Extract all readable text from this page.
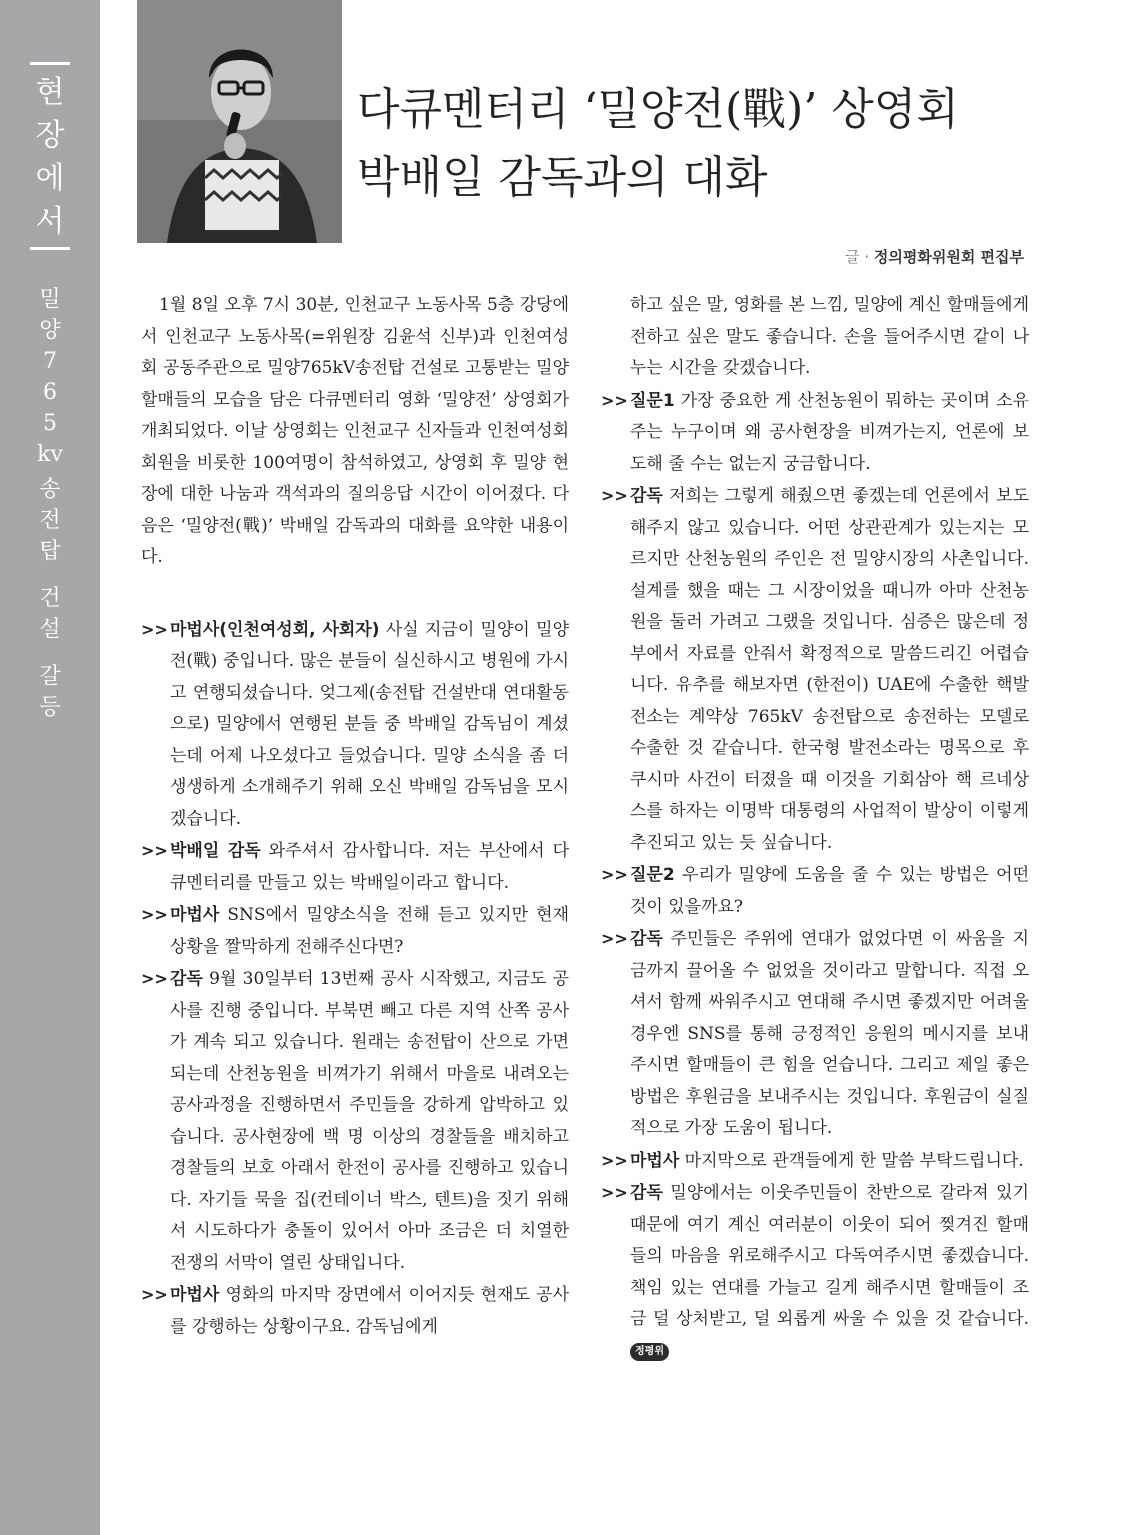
현
장
에
서
밀
양
7
6
5
kv
송
전
탑
건
설
갈
등
다큐멘터리 ‘밀양전(戰)’ 상영회
박배일 감독과의 대화
글 · 정의평화위원회 편집부

1월 8일 오후 7시 30분, 인천교구 노동사목 5층 강당에서 인천교구 노동사목(=위원장 김윤석 신부)과 인천여성회 공동주관으로 밀양765kV송전탑 건설로 고통받는 밀양 할매들의 모습을 담은 다큐멘터리 영화 ‘밀양전’ 상영회가 개최되었다. 이날 상영회는 인천교구 신자들과 인천여성회 회원을 비롯한 100여명이 참석하였고, 상영회 후 밀양 현장에 대한 나눔과 객석과의 질의응답 시간이 이어졌다. 다음은 ‘밀양전(戰)’ 박배일 감독과의 대화를 요약한 내용이다.

>> 마법사(인천여성회, 사회자) 사실 지금이 밀양이 밀양전(戰) 중입니다. 많은 분들이 실신하시고 병원에 가시고 연행되셨습니다. 엊그제(송전탑 건설반대 연대활동으로) 밀양에서 연행된 분들 중 박배일 감독님이 계셨는데 어제 나오셨다고 들었습니다. 밀양 소식을 좀 더 생생하게 소개해주기 위해 오신 박배일 감독님을 모시겠습니다.

>> 박배일 감독 와주셔서 감사합니다. 저는 부산에서 다큐멘터리를 만들고 있는 박배일이라고 합니다.

>> 마법사 SNS에서 밀양소식을 전해 듣고 있지만 현재 상황을 짤막하게 전해주신다면?

>> 감독 9월 30일부터 13번째 공사 시작했고, 지금도 공사를 진행 중입니다. 부북면 빼고 다른 지역 산쪽 공사가 계속 되고 있습니다. 원래는 송전탑이 산으로 가면 되는데 산천농원을 비껴가기 위해서 마을로 내려오는 공사과정을 진행하면서 주민들을 강하게 압박하고 있습니다. 공사현장에 백 명 이상의 경찰들을 배치하고 경찰들의 보호 아래서 한전이 공사를 진행하고 있습니다. 자기들 묵을 집(컨테이너 박스, 텐트)을 짓기 위해서 시도하다가 충돌이 있어서 아마 조금은 더 치열한 전쟁의 서막이 열린 상태입니다.

>> 마법사 영화의 마지막 장면에서 이어지듯 현재도 공사를 강행하는 상황이구요. 감독님에게

하고 싶은 말, 영화를 본 느낌, 밀양에 계신 할매들에게 전하고 싶은 말도 좋습니다. 손을 들어주시면 같이 나누는 시간을 갖겠습니다.

>> 질문1 가장 중요한 게 산천농원이 뭐하는 곳이며 소유주는 누구이며 왜 공사현장을 비껴가는지, 언론에 보도해 줄 수는 없는지 궁금합니다.

>> 감독 저희는 그렇게 해줬으면 좋겠는데 언론에서 보도해주지 않고 있습니다. 어떤 상관관계가 있는지는 모르지만 산천농원의 주인은 전 밀양시장의 사촌입니다. 설계를 했을 때는 그 시장이었을 때니까 아마 산천농원을 둘러 가려고 그랬을 것입니다. 심증은 많은데 정부에서 자료를 안줘서 확정적으로 말씀드리긴 어렵습니다. 유추를 해보자면 (한전이) UAE에 수출한 핵발전소는 계약상 765kV 송전탑으로 송전하는 모델로 수출한 것 같습니다. 한국형 발전소라는 명목으로 후쿠시마 사건이 터졌을 때 이것을 기회삼아 핵 르네상스를 하자는 이명박 대통령의 사업적이 발상이 이렇게 추진되고 있는 듯 싶습니다.

>> 질문2 우리가 밀양에 도움을 줄 수 있는 방법은 어떤 것이 있을까요?

>> 감독 주민들은 주위에 연대가 없었다면 이 싸움을 지금까지 끌어올 수 없었을 것이라고 말합니다. 직접 오셔서 함께 싸워주시고 연대해 주시면 좋겠지만 어려울 경우엔 SNS를 통해 긍정적인 응원의 메시지를 보내주시면 할매들이 큰 힘을 얻습니다. 그리고 제일 좋은 방법은 후원금을 보내주시는 것입니다. 후원금이 실질적으로 가장 도움이 됩니다.

>> 마법사 마지막으로 관객들에게 한 말씀 부탁드립니다.

>> 감독 밀양에서는 이웃주민들이 찬반으로 갈라져 있기 때문에 여기 계신 여러분이 이웃이 되어 찢겨진 할매들의 마음을 위로해주시고 다독여주시면 좋겠습니다. 책임 있는 연대를 가늘고 길게 해주시면 할매들이 조금 덜 상처받고, 덜 외롭게 싸울 수 있을 것 같습니다.정평위
